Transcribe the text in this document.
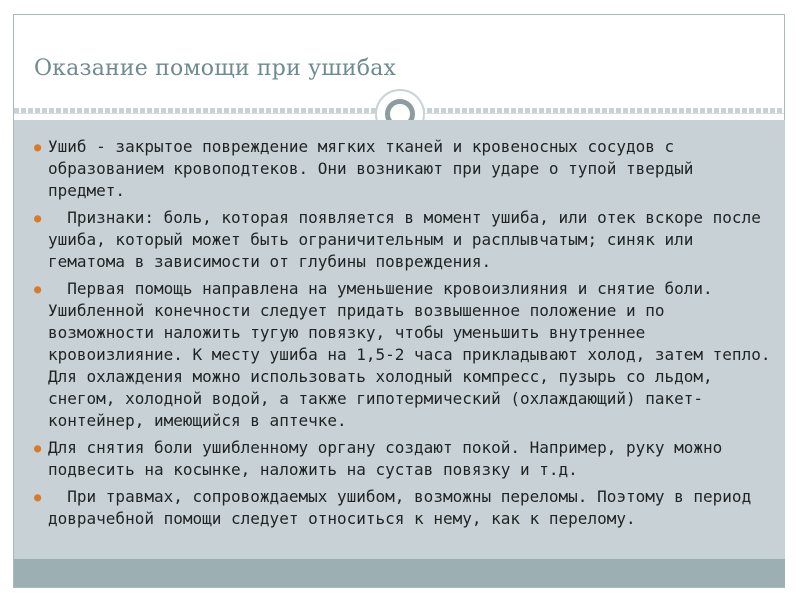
Оказание помощи при ушибах
● Ушиб - закрытое повреждение мягких тканей и кровеносных сосудов с образованием кровоподтеков. Они возникают при ударе о тупой твердый предмет.
● Признаки: боль, которая появляется в момент ушиба, или отек вскоре после ушиба, который может быть ограничительным и расплывчатым; синяк или гематома в зависимости от глубины повреждения.
● Первая помощь направлена на уменьшение кровоизлияния и снятие боли. Ушибленной конечности следует придать возвышенное положение и по возможности наложить тугую повязку, чтобы уменьшить внутреннее кровоизлияние. К месту ушиба на 1,5-2 часа прикладывают холод, затем тепло. Для охлаждения можно использовать холодный компресс, пузырь со льдом, снегом, холодной водой, а также гипотермический (охлаждающий) пакет-контейнер, имеющийся в аптечке.
● Для снятия боли ушибленному органу создают покой. Например, руку можно подвесить на косынке, наложить на сустав повязку и т.д.
● При травмах, сопровождаемых ушибом, возможны переломы. Поэтому в период доврачебной помощи следует относиться к нему, как к перелому.
